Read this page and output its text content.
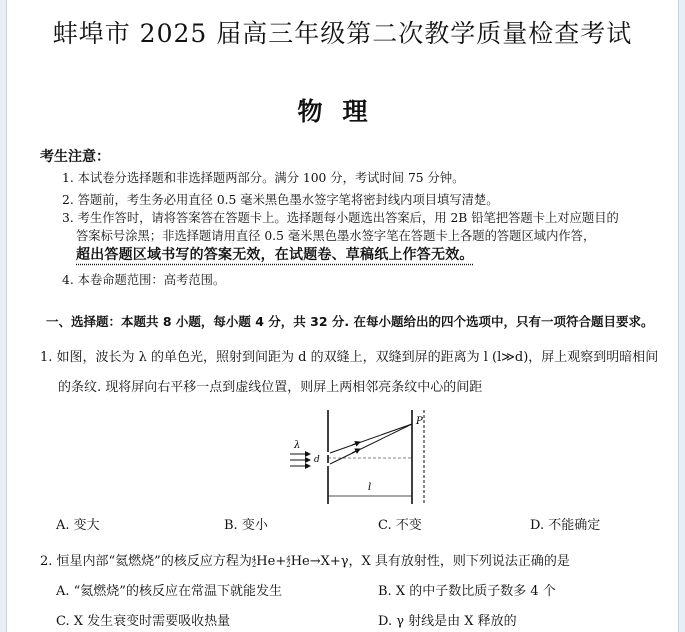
蚌埠市 2025 届高三年级第二次教学质量检查考试
物理
考生注意：
1. 本试卷分选择题和非选择题两部分。满分 100 分，考试时间 75 分钟。
2. 答题前，考生务必用直径 0.5 毫米黑色墨水签字笔将密封线内项目填写清楚。
3. 考生作答时，请将答案答在答题卡上。选择题每小题选出答案后，用 2B 铅笔把答题卡上对应题目的
答案标号涂黑；非选择题请用直径 0.5 毫米黑色墨水签字笔在答题卡上各题的答题区域内作答，
超出答题区域书写的答案无效，在试题卷、草稿纸上作答无效。
4. 本卷命题范围：高考范围。
一、选择题：本题共 8 小题，每小题 4 分，共 32 分. 在每小题给出的四个选项中，只有一项符合题目要求。
1. 如图，波长为 λ 的单色光，照射到间距为 d 的双缝上，双缝到屏的距离为 l (l≫d)，屏上观察到明暗相间
的条纹. 现将屏向右平移一点到虚线位置，则屏上两相邻亮条纹中心的间距
λ
d
P
l
A. 变大	B. 变小	C. 不变	D. 不能确定
2. 恒星内部“氦燃烧”的核反应方程为 4
2 He+ 4
2 He→X+γ，X 具有放射性，则下列说法正确的是
A. “氦燃烧”的核反应在常温下就能发生	B. X 的中子数比质子数多 4 个
C. X 发生衰变时需要吸收热量	D. γ 射线是由 X 释放的
